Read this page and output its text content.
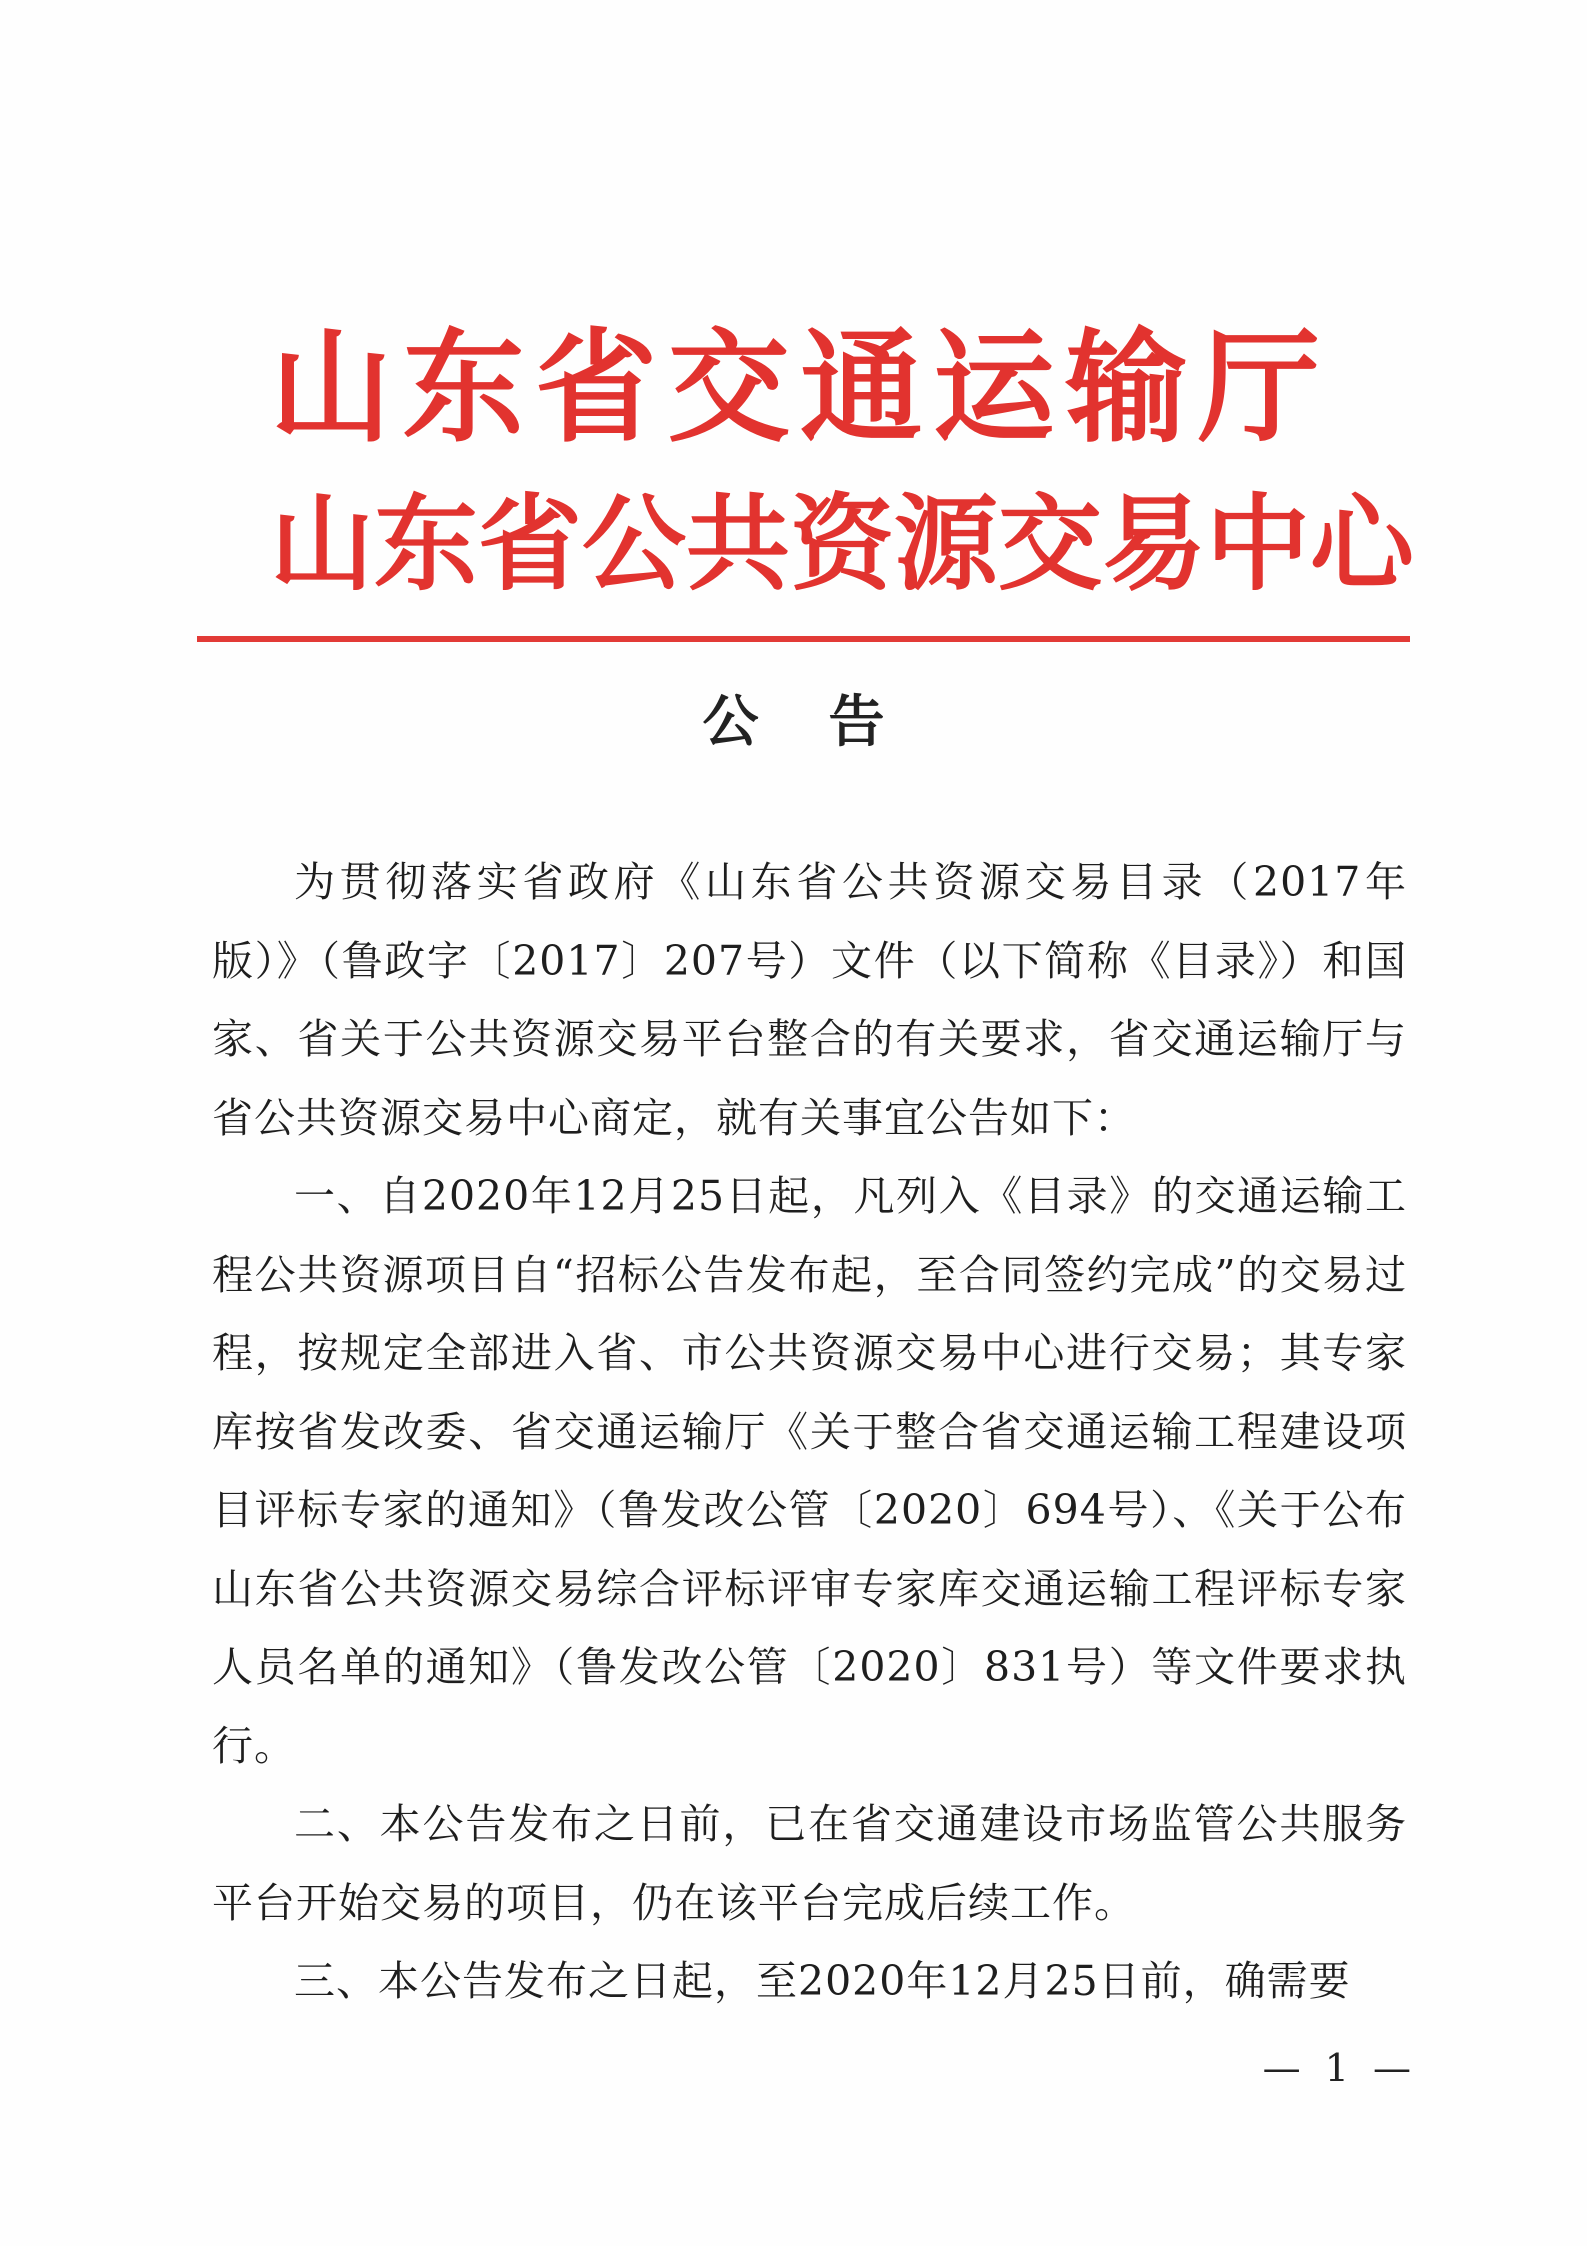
山东省交通运输厅
山东省公共资源交易中心
公告

为贯彻落实省政府《山东省公共资源交易目录（2017年版）》（鲁政字〔2017〕207号）文件（以下简称《目录》）和国家、省关于公共资源交易平台整合的有关要求，省交通运输厅与省公共资源交易中心商定，就有关事宜公告如下：

一、自2020年12月25日起，凡列入《目录》的交通运输工程公共资源项目自“招标公告发布起，至合同签约完成”的交易过程，按规定全部进入省、市公共资源交易中心进行交易；其专家库按省发改委、省交通运输厅《关于整合省交通运输工程建设项目评标专家的通知》（鲁发改公管〔2020〕694号）、《关于公布山东省公共资源交易综合评标评审专家库交通运输工程评标专家人员名单的通知》（鲁发改公管〔2020〕831号）等文件要求执行。

二、本公告发布之日前，已在省交通建设市场监管公共服务平台开始交易的项目，仍在该平台完成后续工作。

三、本公告发布之日起，至2020年12月25日前，确需要

— 1 —
